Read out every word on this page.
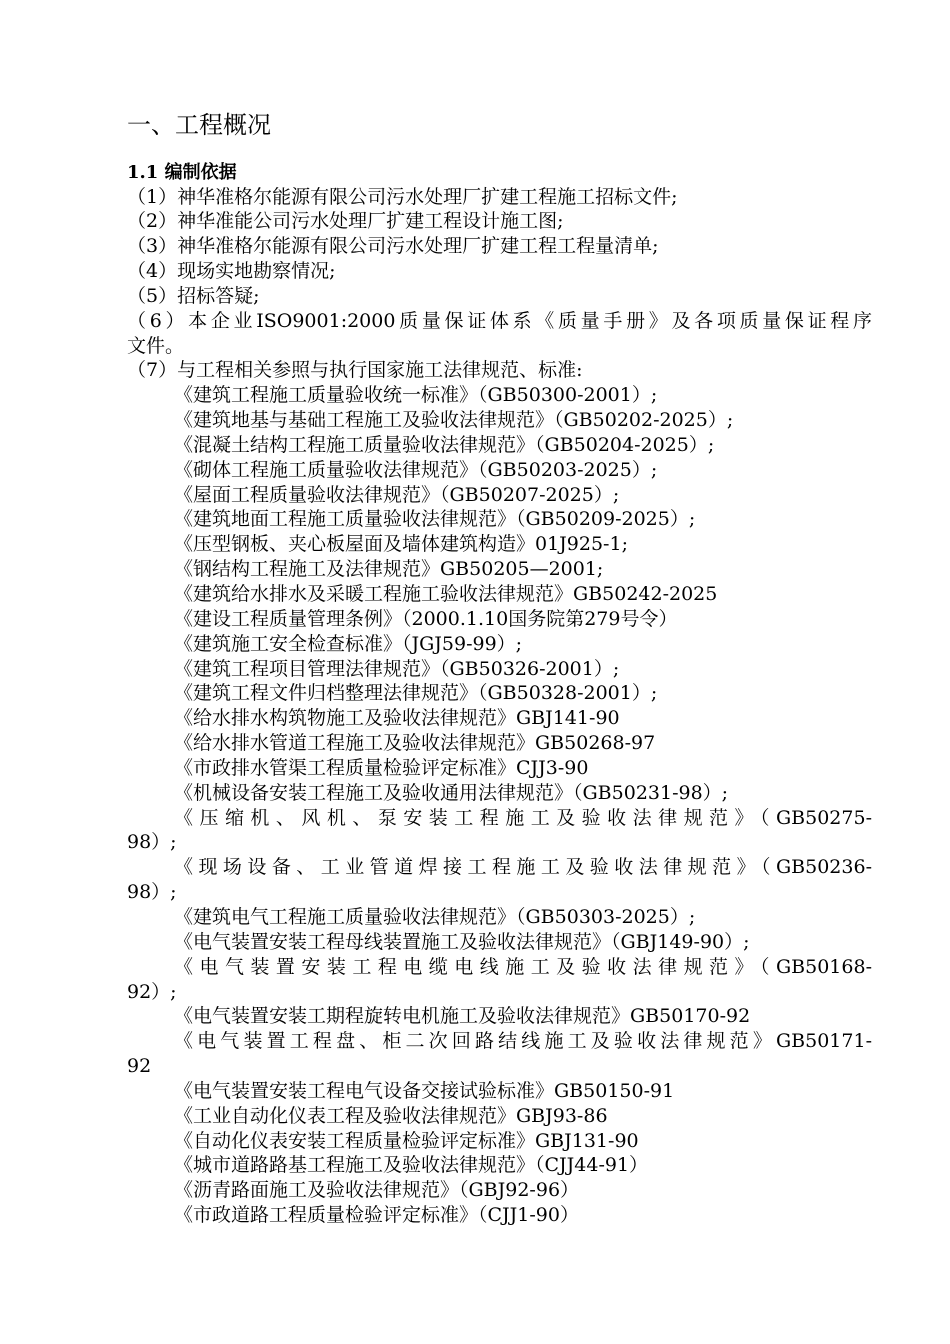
一、工程概况
1.1 编制依据
（1）神华准格尔能源有限公司污水处理厂扩建工程施工招标文件;
（2）神华准能公司污水处理厂扩建工程设计施工图;
（3）神华准格尔能源有限公司污水处理厂扩建工程工程量清单;
（4）现场实地勘察情况;
（5）招标答疑;
（6）本企业ISO9001:2000质量保证体系《质量手册》及各项质量保证程序
文件。
（7）与工程相关参照与执行国家施工法律规范、标准:
《建筑工程施工质量验收统一标准》（GB50300-2001）;
《建筑地基与基础工程施工及验收法律规范》（GB50202-2025）;
《混凝土结构工程施工质量验收法律规范》（GB50204-2025）;
《砌体工程施工质量验收法律规范》（GB50203-2025）;
《屋面工程质量验收法律规范》（GB50207-2025）;
《建筑地面工程施工质量验收法律规范》（GB50209-2025）;
《压型钢板、夹心板屋面及墙体建筑构造》01J925-1;
《钢结构工程施工及法律规范》GB50205—2001;
《建筑给水排水及采暖工程施工验收法律规范》GB50242-2025
《建设工程质量管理条例》（2000.1.10国务院第279号令）
《建筑施工安全检查标准》（JGJ59-99）;
《建筑工程项目管理法律规范》（GB50326-2001）;
《建筑工程文件归档整理法律规范》（GB50328-2001）;
《给水排水构筑物施工及验收法律规范》GBJ141-90
《给水排水管道工程施工及验收法律规范》GB50268-97
《市政排水管渠工程质量检验评定标准》CJJ3-90
《机械设备安装工程施工及验收通用法律规范》（GB50231-98）;
《压缩机、风机、泵安装工程施工及验收法律规范》（GB50275-
98）;
《现场设备、工业管道焊接工程施工及验收法律规范》（GB50236-
98）;
《建筑电气工程施工质量验收法律规范》（GB50303-2025）;
《电气装置安装工程母线装置施工及验收法律规范》（GBJ149-90）;
《电气装置安装工程电缆电线施工及验收法律规范》（GB50168-
92）;
《电气装置安装工期程旋转电机施工及验收法律规范》GB50170-92
《电气装置工程盘、柜二次回路结线施工及验收法律规范》GB50171-
92
《电气装置安装工程电气设备交接试验标准》GB50150-91
《工业自动化仪表工程及验收法律规范》GBJ93-86
《自动化仪表安装工程质量检验评定标准》GBJ131-90
《城市道路路基工程施工及验收法律规范》（CJJ44-91）
《沥青路面施工及验收法律规范》（GBJ92-96）
《市政道路工程质量检验评定标准》（CJJ1-90）
